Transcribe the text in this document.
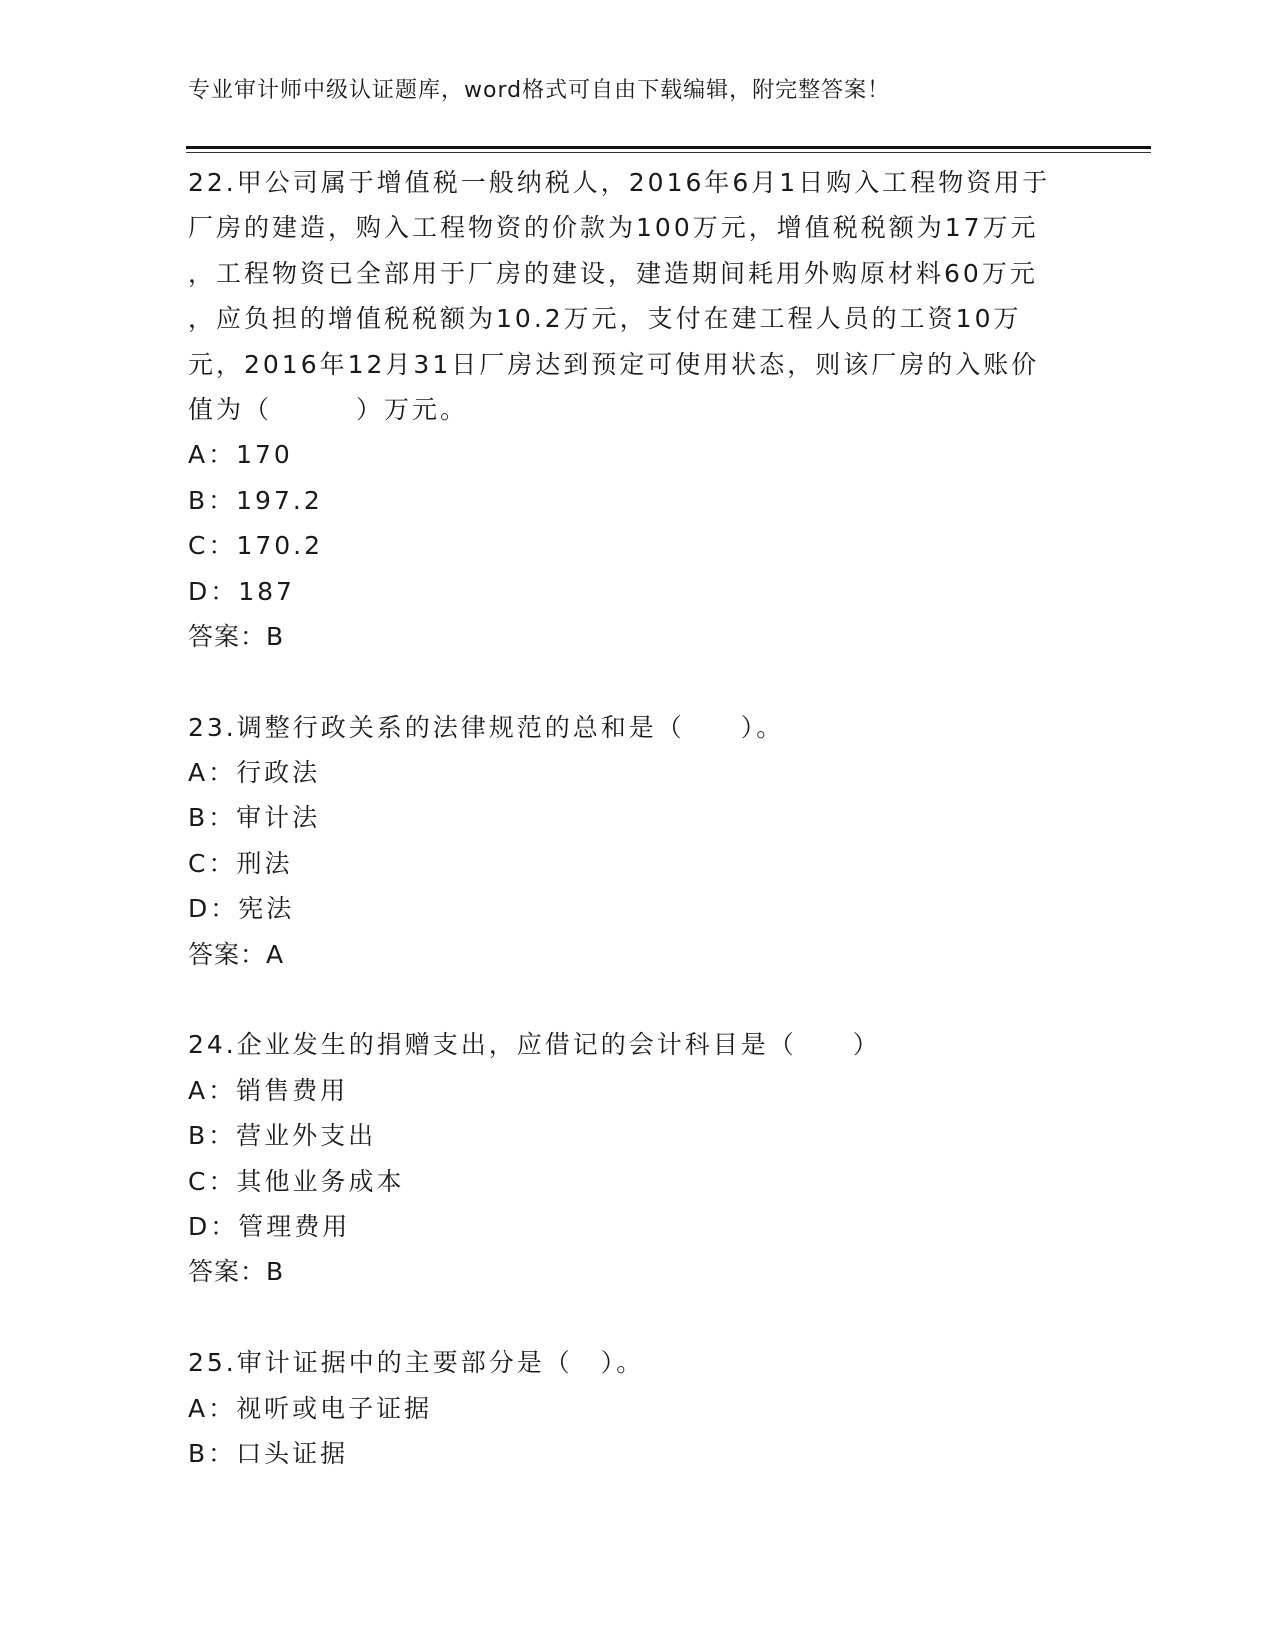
专业审计师中级认证题库，word格式可自由下载编辑，附完整答案！
22.甲公司属于增值税一般纳税人，2016年6月1日购入工程物资用于
厂房的建造，购入工程物资的价款为100万元，增值税税额为17万元
，工程物资已全部用于厂房的建设，建造期间耗用外购原材料60万元
，应负担的增值税税额为10.2万元，支付在建工程人员的工资10万
元，2016年12月31日厂房达到预定可使用状态，则该厂房的入账价
值为（　　　）万元。
A：170
B：197.2
C：170.2
D：187
答案：B
23.调整行政关系的法律规范的总和是（　　）。
A：行政法
B：审计法
C：刑法
D：宪法
答案：A
24.企业发生的捐赠支出，应借记的会计科目是（　　）
A：销售费用
B：营业外支出
C：其他业务成本
D：管理费用
答案：B
25.审计证据中的主要部分是（　）。
A：视听或电子证据
B：口头证据
